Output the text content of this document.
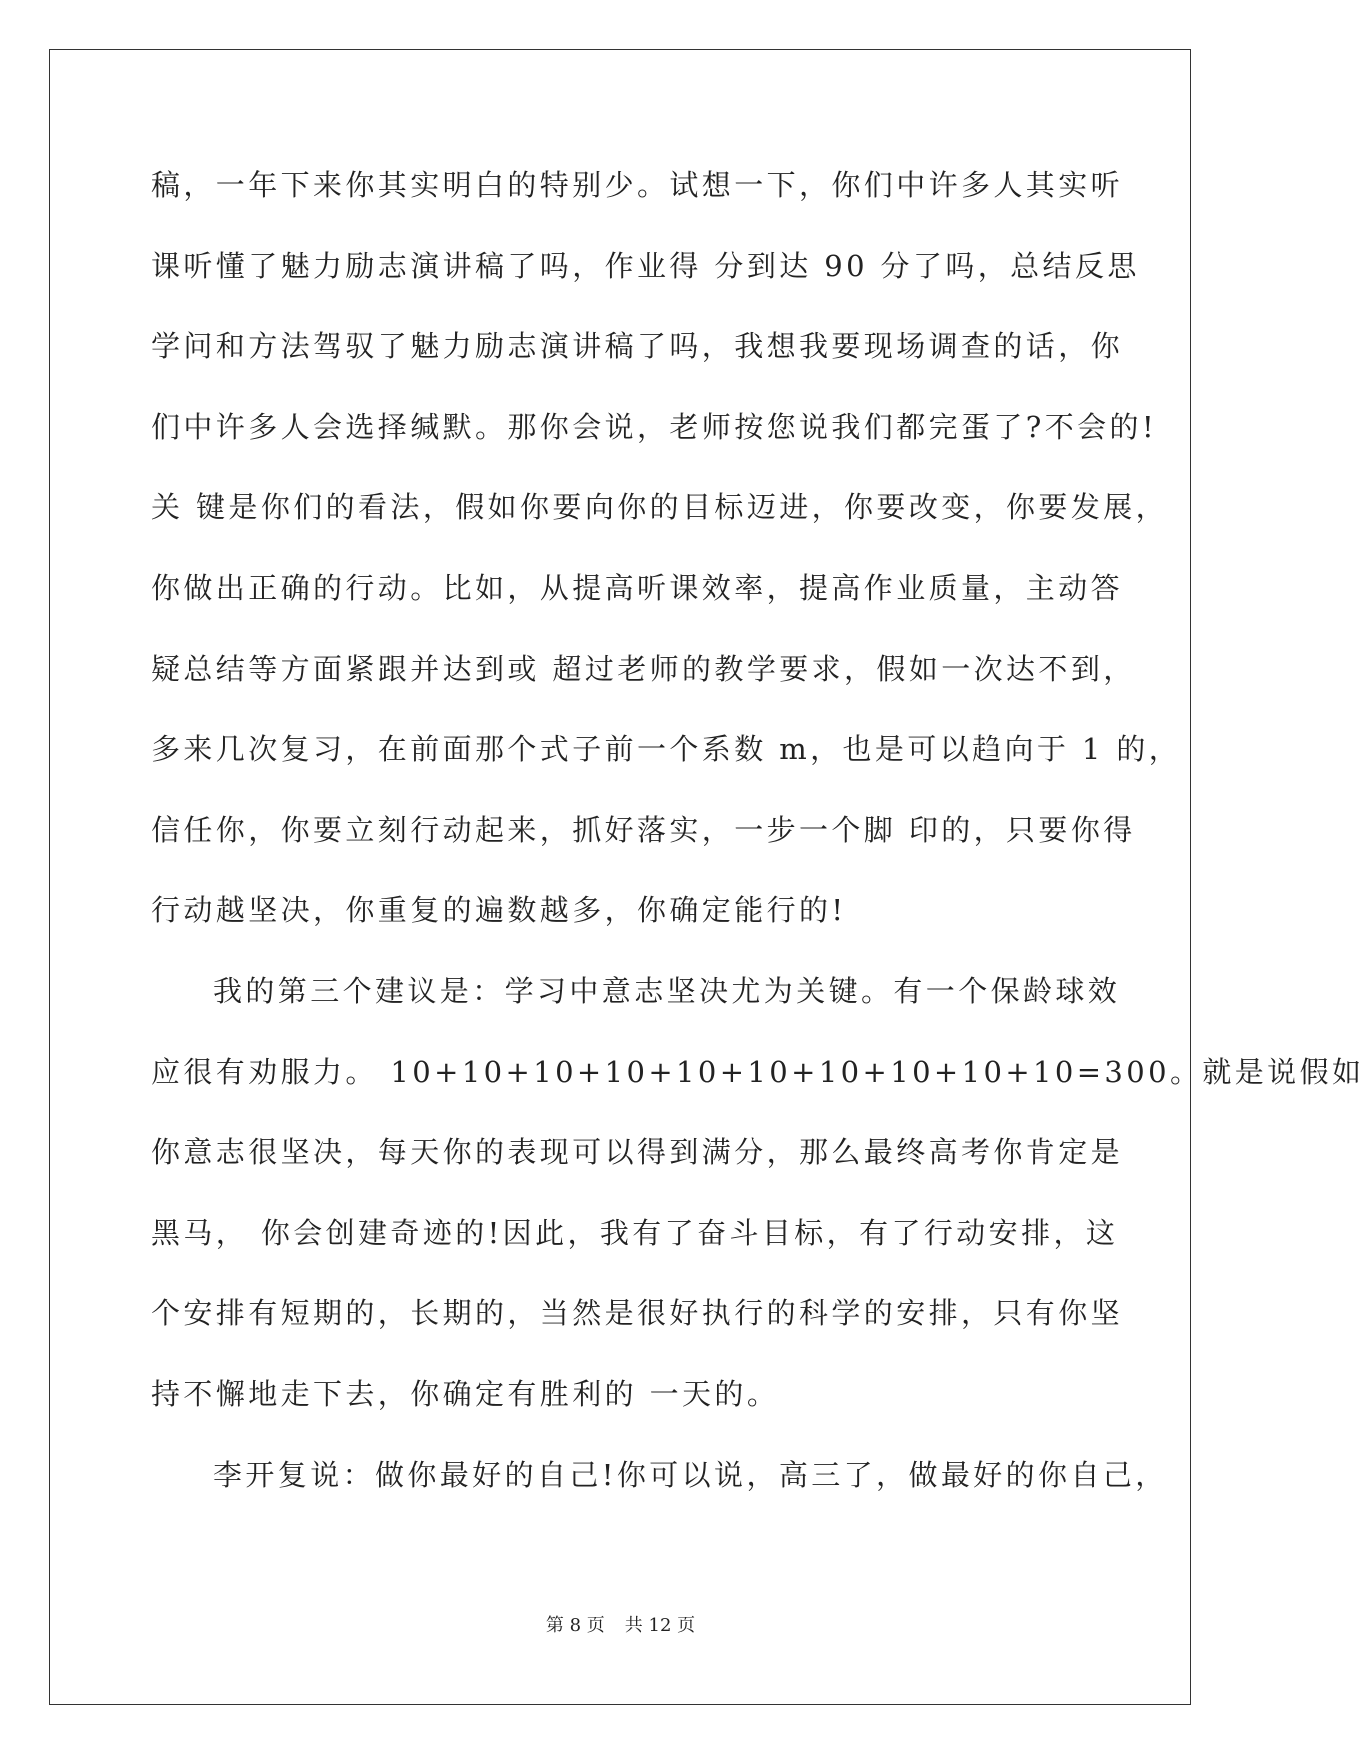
稿，一年下来你其实明白的特别少。试想一下，你们中许多人其实听
课听懂了魅力励志演讲稿了吗，作业得 分到达 90 分了吗，总结反思
学问和方法驾驭了魅力励志演讲稿了吗，我想我要现场调查的话，你
们中许多人会选择缄默。那你会说，老师按您说我们都完蛋了?不会的!
关 键是你们的看法，假如你要向你的目标迈进，你要改变，你要发展，
你做出正确的行动。比如，从提高听课效率，提高作业质量，主动答
疑总结等方面紧跟并达到或 超过老师的教学要求，假如一次达不到，
多来几次复习，在前面那个式子前一个系数 m，也是可以趋向于 1 的，
信任你，你要立刻行动起来，抓好落实，一步一个脚 印的，只要你得
行动越坚决，你重复的遍数越多，你确定能行的!
我的第三个建议是：学习中意志坚决尤为关键。有一个保龄球效
应很有劝服力。 10+10+10+10+10+10+10+10+10+10=300。就是说假如
你意志很坚决，每天你的表现可以得到满分，那么最终高考你肯定是
黑马， 你会创建奇迹的!因此，我有了奋斗目标，有了行动安排，这
个安排有短期的，长期的，当然是很好执行的科学的安排，只有你坚
持不懈地走下去，你确定有胜利的 一天的。
李开复说：做你最好的自己!你可以说，高三了，做最好的你自己，
第 8 页 共 12 页
